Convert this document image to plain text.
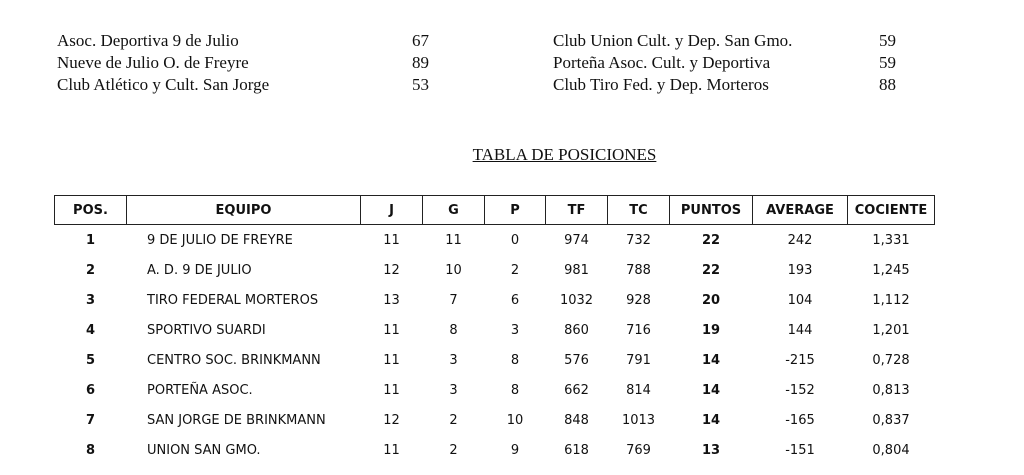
Asoc. Deportiva 9 de Julio	67	Club Union Cult. y Dep. San Gmo.	59
Nueve de Julio O. de Freyre	89	Porteña Asoc. Cult. y Deportiva	59
Club Atlético y Cult. San Jorge	53	Club Tiro Fed. y Dep. Morteros	88
TABLA DE POSICIONES
POS.	EQUIPO	J	G	P	TF	TC	PUNTOS	AVERAGE	COCIENTE
1	9 DE JULIO DE FREYRE	11	11	0	974	732	22	242	1,331
2	A. D. 9 DE JULIO	12	10	2	981	788	22	193	1,245
3	TIRO FEDERAL MORTEROS	13	7	6	1032	928	20	104	1,112
4	SPORTIVO SUARDI	11	8	3	860	716	19	144	1,201
5	CENTRO SOC. BRINKMANN	11	3	8	576	791	14	-215	0,728
6	PORTEÑA ASOC.	11	3	8	662	814	14	-152	0,813
7	SAN JORGE DE BRINKMANN	12	2	10	848	1013	14	-165	0,837
8	UNION SAN GMO.	11	2	9	618	769	13	-151	0,804
